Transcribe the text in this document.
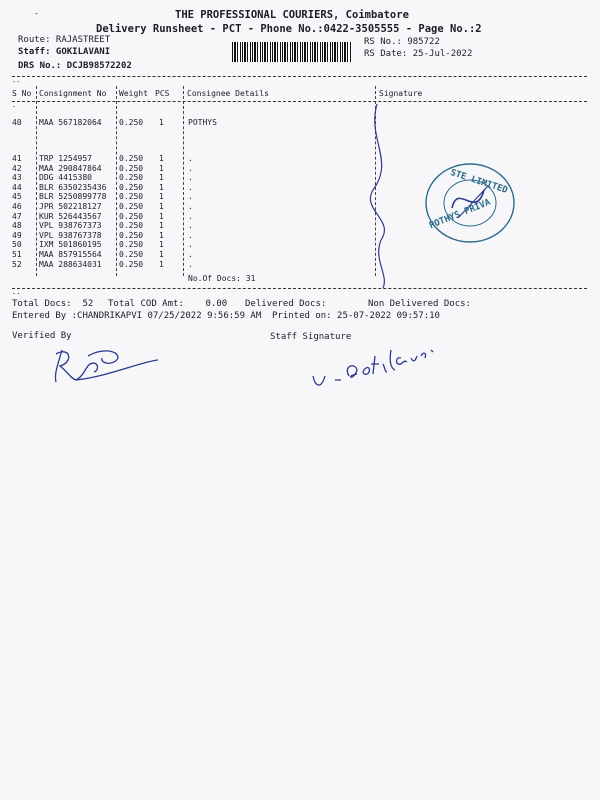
-	THE PROFESSIONAL COURIERS, Coimbatore
Delivery Runsheet - PCT - Phone No.:0422-3505555 - Page No.:2
Route: RAJASTREET
Staff: GOKILAVANI
DRS No.: DCJB98572202
RS No.: 985722
RS Date: 25-Jul-2022
--
S No Consignment No Weight PCS Consignee Details	Signature
-
40 MAA 567182064 0.250 1	POTHYS
41 TRP 1254957	0.250 1	.
42 MAA 290847864 0.250 1	.
43 DDG 4415380	0.250 1	.
44 BLR 6350235436 0.250 1	.
45 BLR 5250899778 0.250 1	.
46 JPR 502218127 0.250 1	.
47 KUR 526443567 0.250 1	.
48 VPL 938767373 0.250 1	.
49 VPL 938767378 0.250 1	.
50 IXM 501860195 0.250 1	.
51 MAA 857915564 0.250 1	.
52 MAA 288634031 0.250 1	.
No.Of Docs: 31
STE LIMITED
POTHYS PRIVA
--
Total Docs:  52 Total COD Amt:    0.00 Delivered Docs:	Non Delivered Docs:
Entered By :CHANDRIKAPVI 07/25/2022 9:56:59 AM Printed on: 25-07-2022 09:57:10
Verified By	Staff Signature
